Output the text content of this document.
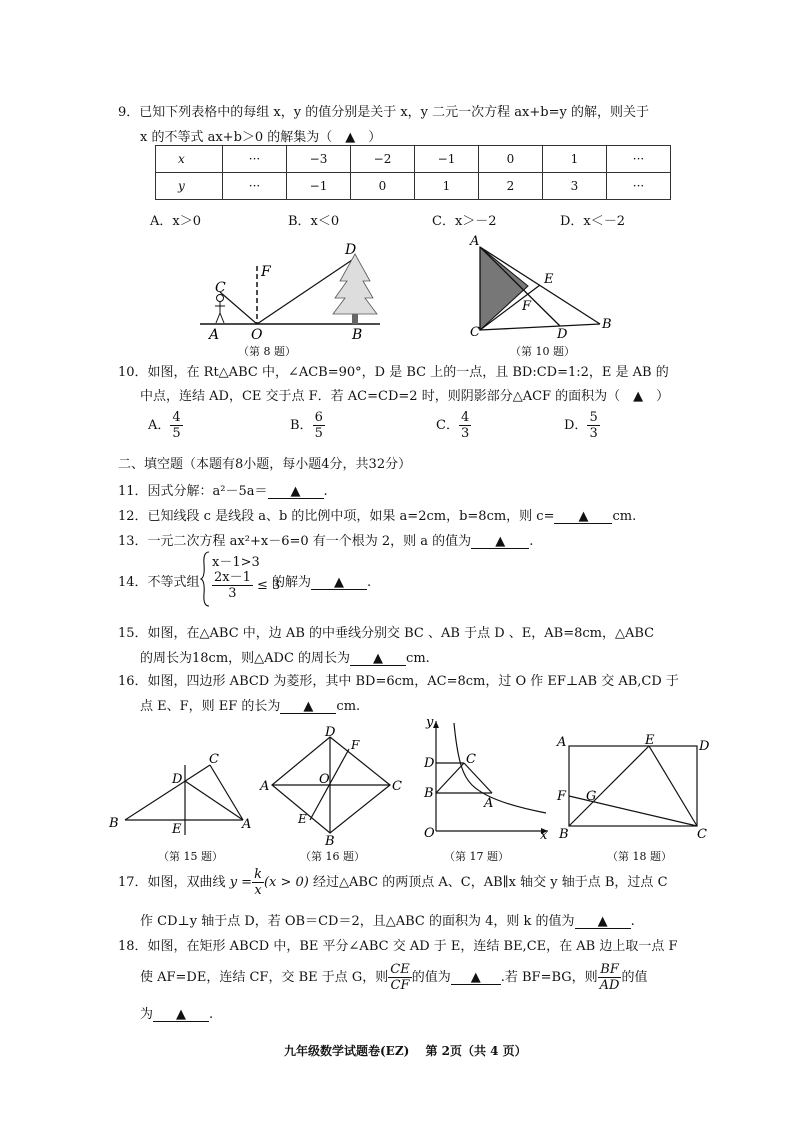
9．已知下列表格中的每组 x，y 的值分别是关于 x，y 二元一次方程 ax+b=y 的解，则关于
x 的不等式 ax+b＞0 的解集为（　▲　）
x	···	−3	−2	−1	0	1	···
y	···	−1	0	1	2	3	···
A．x＞0	B．x＜0	C．x＞－2	D．x＜－2
C
F
D
A O	B
（第 8 题）
A
E
F
C	D
B
（第 10 题）
10．如图，在 Rt△ABC 中，∠ACB=90°，D 是 BC 上的一点，且 BD:CD=1:2，E 是 AB 的
中点，连结 AD，CE 交于点 F．若 AC=CD=2 时，则阴影部分△ACF 的面积为（　▲　）
A． $\frac{4}{5}$	B． $\frac{6}{5}$	C． $\frac{4}{3}$	D． $\frac{5}{3}$
二、填空题（本题有8小题，每小题4分，共32分）
11．因式分解：a²－5a＝ ▲ .
12．已知线段 c 是线段 a、b 的比例中项，如果 a=2cm，b=8cm，则 c= ▲ cm.
13．一元二次方程 ax²+x－6=0 有一个根为 2，则 a 的值为 ▲ .
14．不等式组
x－1>3
$\frac{2x-1}{3} \le 3$
的解为 ▲ .
15．如图，在△ABC 中，边 AB 的中垂线分别交 BC 、AB 于点 D 、E，AB=8cm，△ABC
的周长为18cm，则△ADC 的周长为 ▲ cm.
16．如图，四边形 ABCD 为菱形，其中 BD=6cm，AC=8cm，过 O 作 EF⊥AB 交 AB,CD 于
点 E、F，则 EF 的长为 ▲ cm.
B
D
C
E	A
（第 15 题）
D
F
A	O	C
E
B
（第 16 题）
y
x
D C
B
A
O
（第 17 题）
A	E	D
F G
B	C
（第 18 题）
17．如图，双曲线 $y = \frac{k}{x} (x > 0)$ 经过△ABC 的两顶点 A、C，AB∥x 轴交 y 轴于点 B，过点 C
作 CD⊥y 轴于点 D，若 OB＝CD＝2，且△ABC 的面积为 4，则 k 的值为 ▲ .
18．如图，在矩形 ABCD 中，BE 平分∠ABC 交 AD 于 E，连结 BE,CE，在 AB 边上取一点 F
使 AF=DE，连结 CF，交 BE 于点 G，则 $\frac{CE}{CF}$ 的值为 ▲ .若 BF=BG，则 $\frac{BF}{AD}$ 的值
为 ▲ .
九年级数学试题卷(EZ)　 第 2页（共 4 页）
